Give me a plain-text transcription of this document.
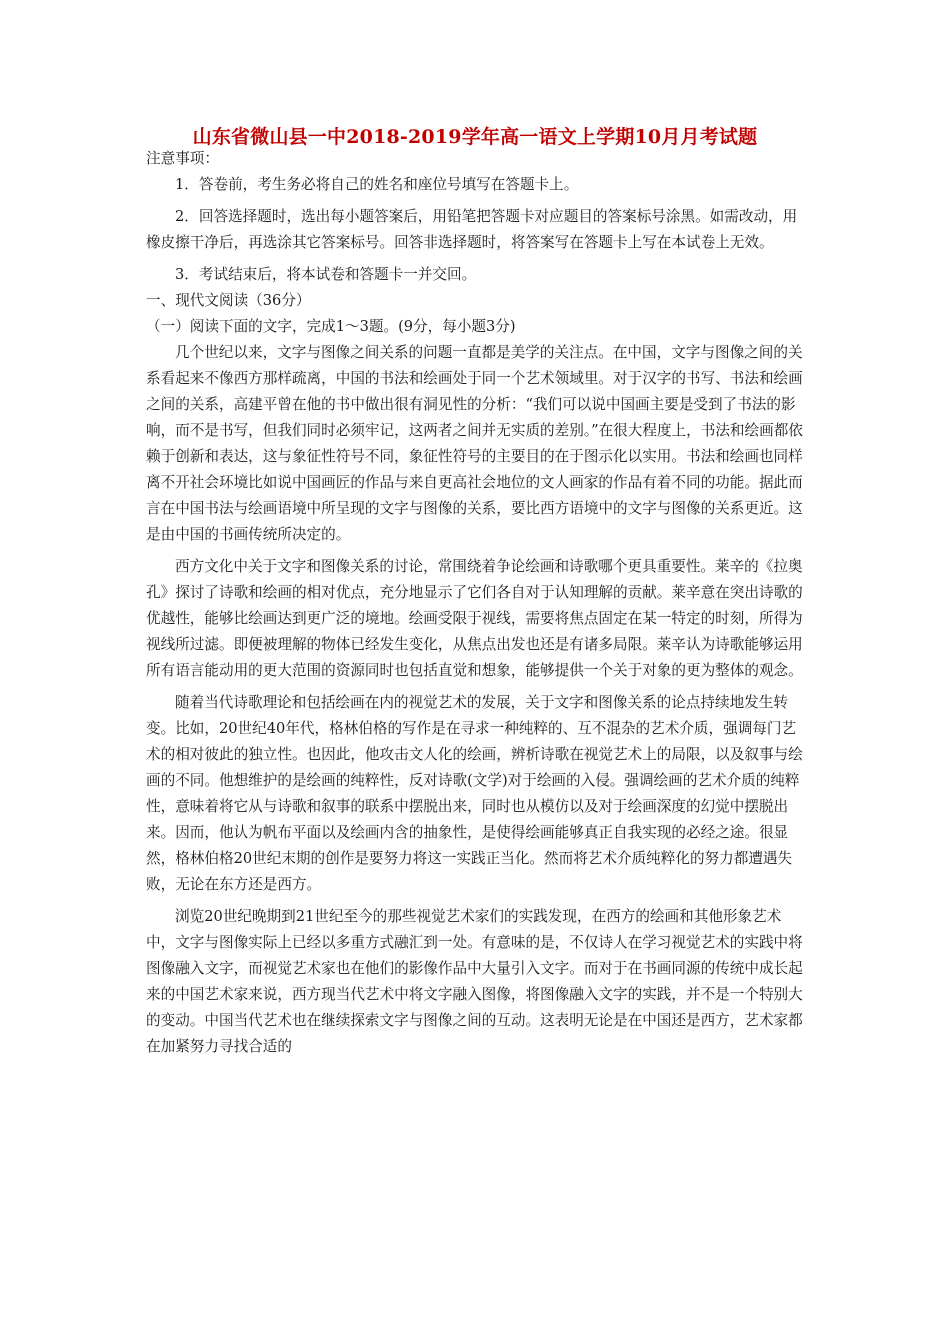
山东省微山县一中2018-2019学年高一语文上学期10月月考试题

注意事项：

1．答卷前，考生务必将自己的姓名和座位号填写在答题卡上。

2．回答选择题时，选出每小题答案后，用铅笔把答题卡对应题目的答案标号涂黑。如需改动，用橡皮擦干净后，再选涂其它答案标号。回答非选择题时，将答案写在答题卡上写在本试卷上无效。

3．考试结束后，将本试卷和答题卡一并交回。

一、现代文阅读（36分）

（一）阅读下面的文字，完成1～3题。(9分，每小题3分)

几个世纪以来，文字与图像之间关系的问题一直都是美学的关注点。在中国，文字与图像之间的关系看起来不像西方那样疏离，中国的书法和绘画处于同一个艺术领域里。对于汉字的书写、书法和绘画之间的关系，高建平曾在他的书中做出很有洞见性的分析：“我们可以说中国画主要是受到了书法的影响，而不是书写，但我们同时必须牢记，这两者之间并无实质的差别。”在很大程度上，书法和绘画都依赖于创新和表达，这与象征性符号不同，象征性符号的主要目的在于图示化以实用。书法和绘画也同样离不开社会环境比如说中国画匠的作品与来自更高社会地位的文人画家的作品有着不同的功能。据此而言在中国书法与绘画语境中所呈现的文字与图像的关系，要比西方语境中的文字与图像的关系更近。这是由中国的书画传统所决定的。

西方文化中关于文字和图像关系的讨论，常围绕着争论绘画和诗歌哪个更具重要性。莱辛的《拉奥孔》探讨了诗歌和绘画的相对优点，充分地显示了它们各自对于认知理解的贡献。莱辛意在突出诗歌的优越性，能够比绘画达到更广泛的境地。绘画受限于视线，需要将焦点固定在某一特定的时刻，所得为视线所过滤。即便被理解的物体已经发生变化，从焦点出发也还是有诸多局限。莱辛认为诗歌能够运用所有语言能动用的更大范围的资源同时也包括直觉和想象，能够提供一个关于对象的更为整体的观念。

随着当代诗歌理论和包括绘画在内的视觉艺术的发展，关于文字和图像关系的论点持续地发生转变。比如，20世纪40年代，格林伯格的写作是在寻求一种纯粹的、互不混杂的艺术介质，强调每门艺术的相对彼此的独立性。也因此，他攻击文人化的绘画，辨析诗歌在视觉艺术上的局限，以及叙事与绘画的不同。他想维护的是绘画的纯粹性，反对诗歌(文学)对于绘画的入侵。强调绘画的艺术介质的纯粹性，意味着将它从与诗歌和叙事的联系中摆脱出来，同时也从模仿以及对于绘画深度的幻觉中摆脱出来。因而，他认为帆布平面以及绘画内含的抽象性，是使得绘画能够真正自我实现的必经之途。很显然，格林伯格20世纪末期的创作是要努力将这一实践正当化。然而将艺术介质纯粹化的努力都遭遇失败，无论在东方还是西方。

浏览20世纪晚期到21世纪至今的那些视觉艺术家们的实践发现，在西方的绘画和其他形象艺术中，文字与图像实际上已经以多重方式融汇到一处。有意味的是，不仅诗人在学习视觉艺术的实践中将图像融入文字，而视觉艺术家也在他们的影像作品中大量引入文字。而对于在书画同源的传统中成长起来的中国艺术家来说，西方现当代艺术中将文字融入图像，将图像融入文字的实践，并不是一个特别大的变动。中国当代艺术也在继续探索文字与图像之间的互动。这表明无论是在中国还是西方，艺术家都在加紧努力寻找合适的
